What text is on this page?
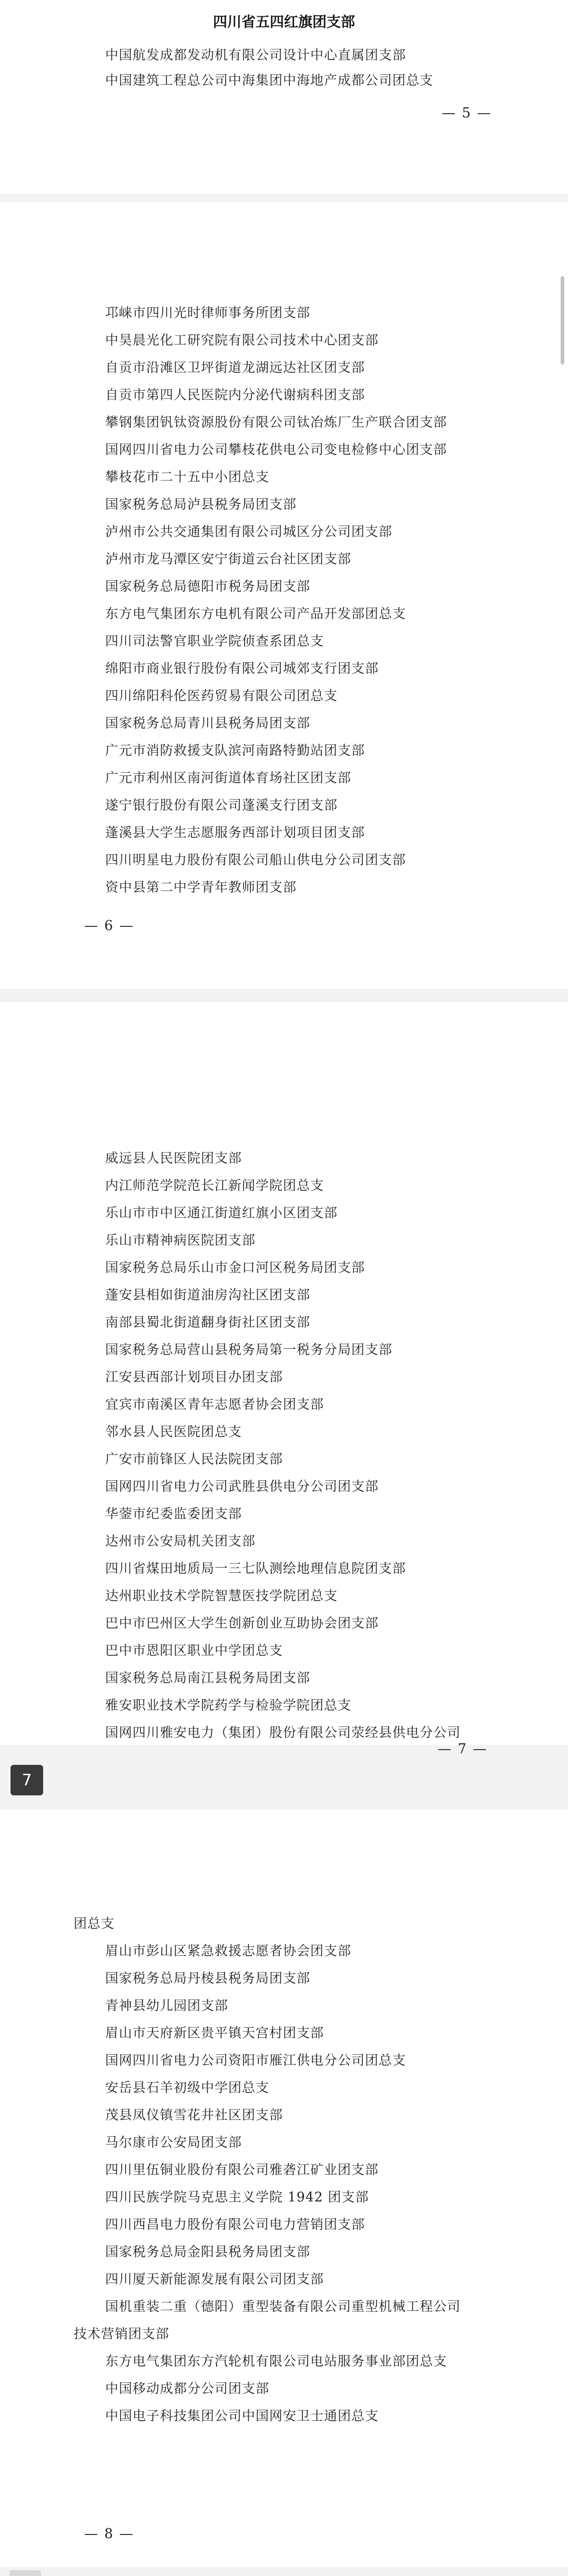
四川省五四红旗团支部
中国航发成都发动机有限公司设计中心直属团支部
中国建筑工程总公司中海集团中海地产成都公司团总支
— 5 —
邛崃市四川光时律师事务所团支部
中昊晨光化工研究院有限公司技术中心团支部
自贡市沿滩区卫坪街道龙湖远达社区团支部
自贡市第四人民医院内分泌代谢病科团支部
攀钢集团钒钛资源股份有限公司钛冶炼厂生产联合团支部
国网四川省电力公司攀枝花供电公司变电检修中心团支部
攀枝花市二十五中小团总支
国家税务总局泸县税务局团支部
泸州市公共交通集团有限公司城区分公司团支部
泸州市龙马潭区安宁街道云台社区团支部
国家税务总局德阳市税务局团支部
东方电气集团东方电机有限公司产品开发部团总支
四川司法警官职业学院侦查系团总支
绵阳市商业银行股份有限公司城郊支行团支部
四川绵阳科伦医药贸易有限公司团总支
国家税务总局青川县税务局团支部
广元市消防救援支队滨河南路特勤站团支部
广元市利州区南河街道体育场社区团支部
遂宁银行股份有限公司蓬溪支行团支部
蓬溪县大学生志愿服务西部计划项目团支部
四川明星电力股份有限公司船山供电分公司团支部
资中县第二中学青年教师团支部
— 6 —
威远县人民医院团支部
内江师范学院范长江新闻学院团总支
乐山市市中区通江街道红旗小区团支部
乐山市精神病医院团支部
国家税务总局乐山市金口河区税务局团支部
蓬安县相如街道油房沟社区团支部
南部县蜀北街道翻身街社区团支部
国家税务总局营山县税务局第一税务分局团支部
江安县西部计划项目办团支部
宜宾市南溪区青年志愿者协会团支部
邻水县人民医院团总支
广安市前锋区人民法院团支部
国网四川省电力公司武胜县供电分公司团支部
华蓥市纪委监委团支部
达州市公安局机关团支部
四川省煤田地质局一三七队测绘地理信息院团支部
达州职业技术学院智慧医技学院团总支
巴中市巴州区大学生创新创业互助协会团支部
巴中市恩阳区职业中学团总支
国家税务总局南江县税务局团支部
雅安职业技术学院药学与检验学院团总支
国网四川雅安电力（集团）股份有限公司荥经县供电分公司
— 7 —
团总支
眉山市彭山区紧急救援志愿者协会团支部
国家税务总局丹棱县税务局团支部
青神县幼儿园团支部
眉山市天府新区贵平镇天宫村团支部
国网四川省电力公司资阳市雁江供电分公司团总支
安岳县石羊初级中学团总支
茂县凤仪镇雪花井社区团支部
马尔康市公安局团支部
四川里伍铜业股份有限公司雅砻江矿业团支部
四川民族学院马克思主义学院 1942 团支部
四川西昌电力股份有限公司电力营销团支部
国家税务总局金阳县税务局团支部
四川厦天新能源发展有限公司团支部
国机重装二重（德阳）重型装备有限公司重型机械工程公司
技术营销团支部
东方电气集团东方汽轮机有限公司电站服务事业部团总支
中国移动成都分公司团支部
中国电子科技集团公司中国网安卫士通团总支
— 8 —
7
